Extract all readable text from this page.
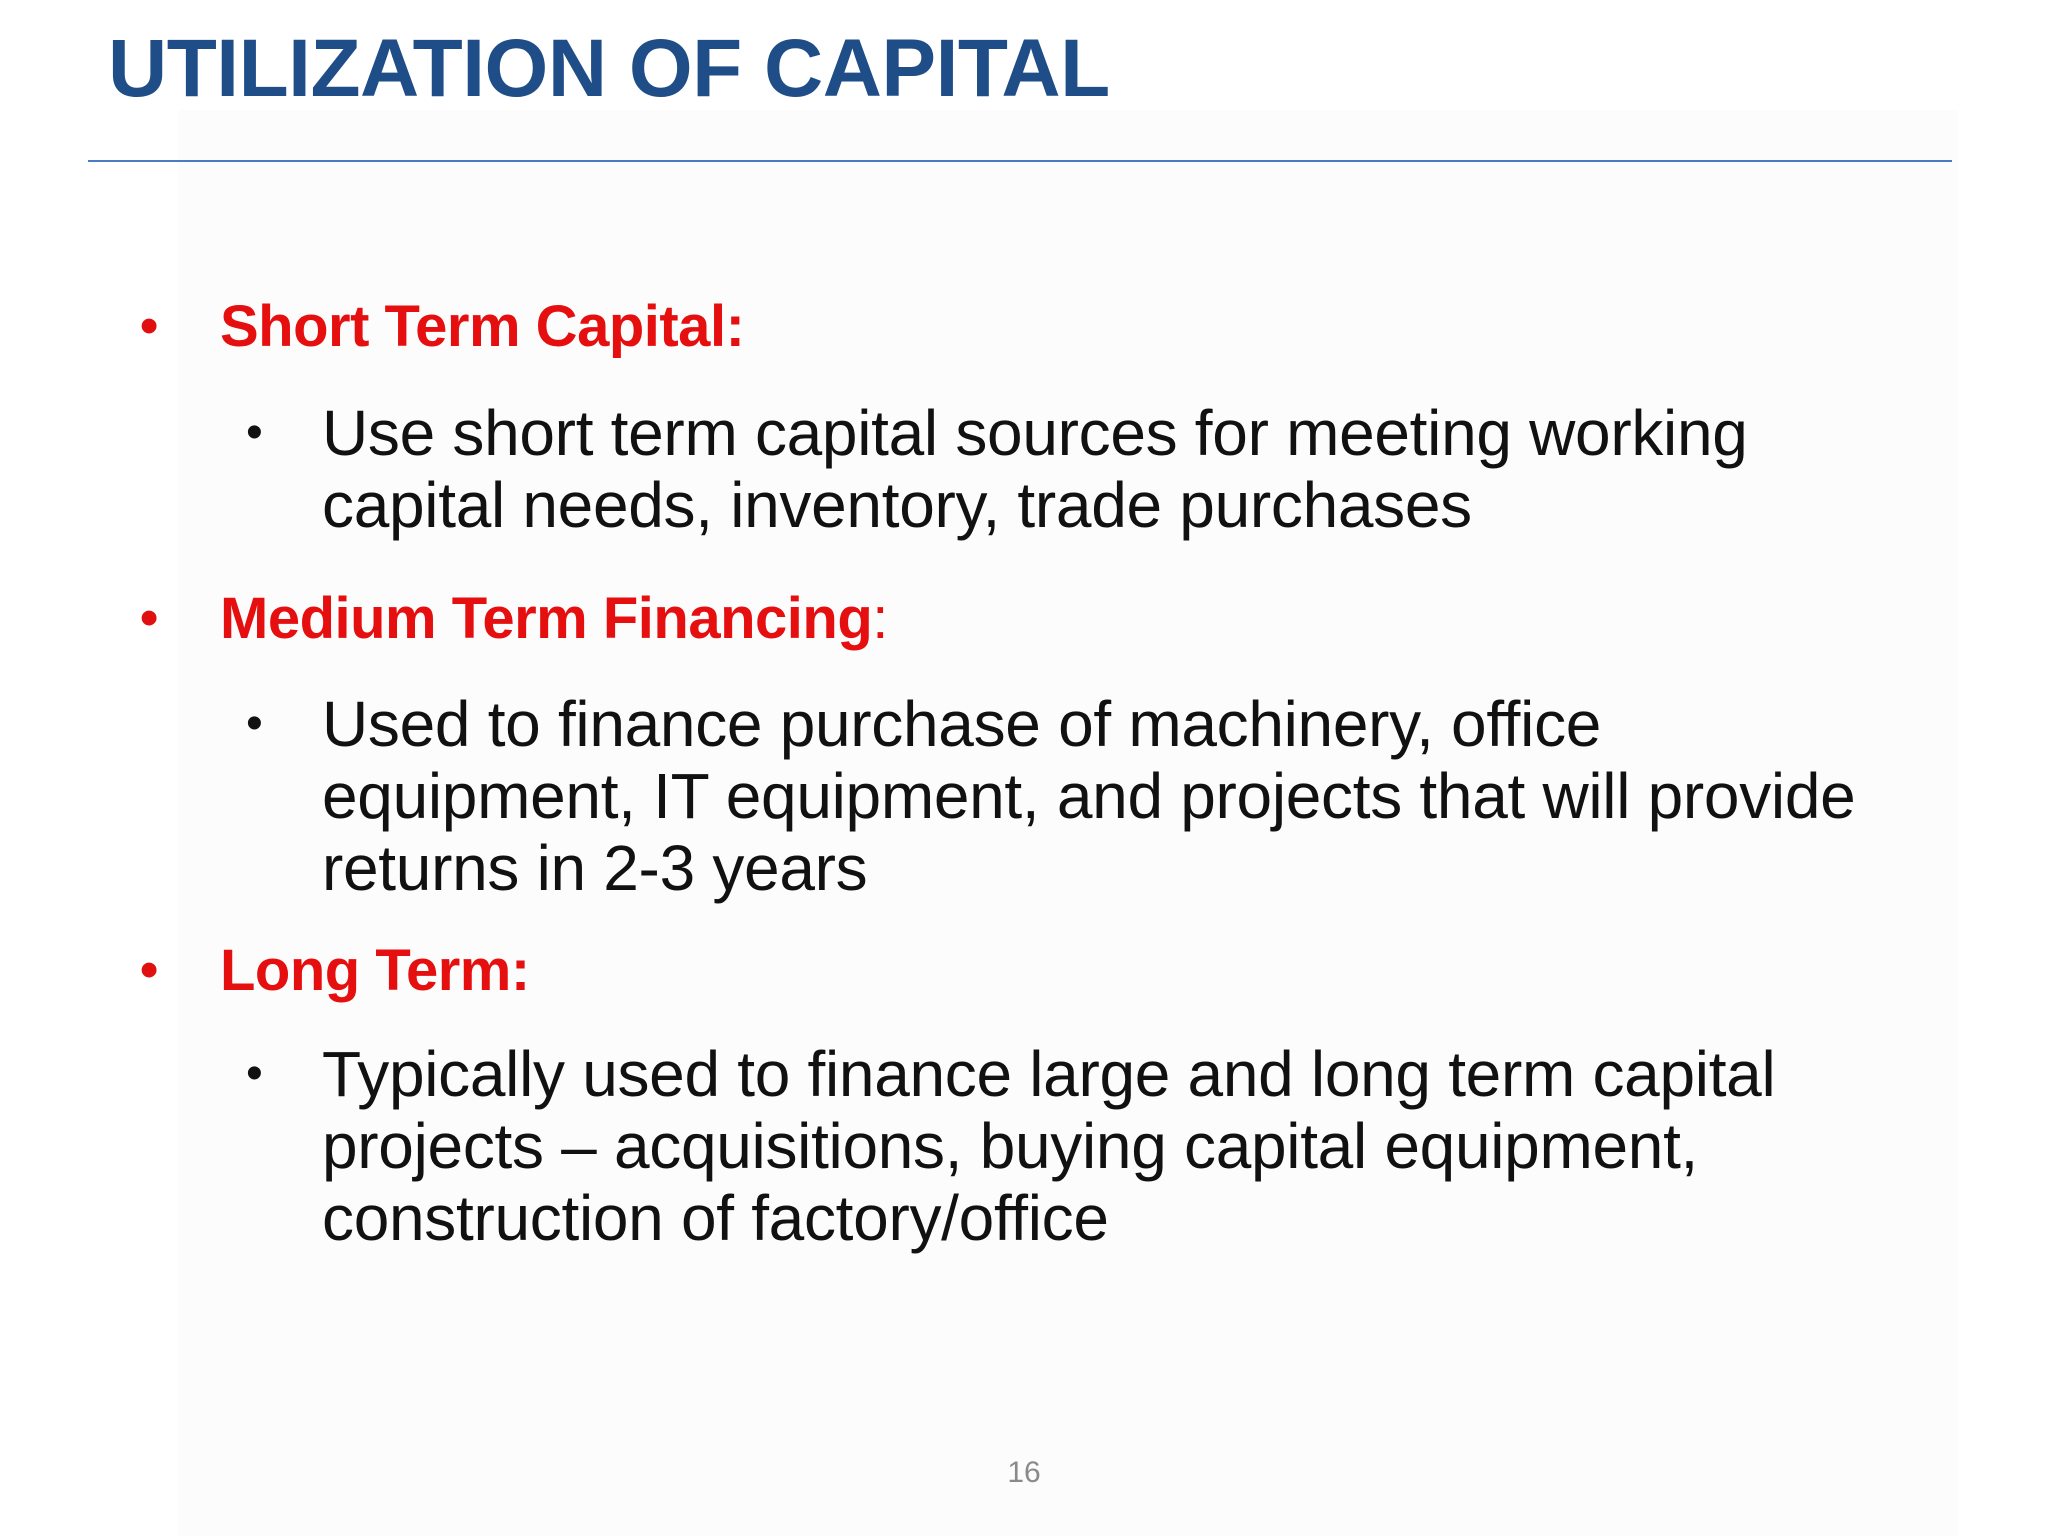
UTILIZATION OF CAPITAL
•	Short Term Capital :
• Use short term capital sources for meeting working capital needs, inventory, trade purchases
•	Medium Term Financing :
• Used to finance purchase of machinery, office equipment, IT equipment, and projects that will provide returns in 2-3 years
•	Long Term :
• Typically used to finance large and long term capital projects – acquisitions, buying capital equipment, construction of factory/office
16
